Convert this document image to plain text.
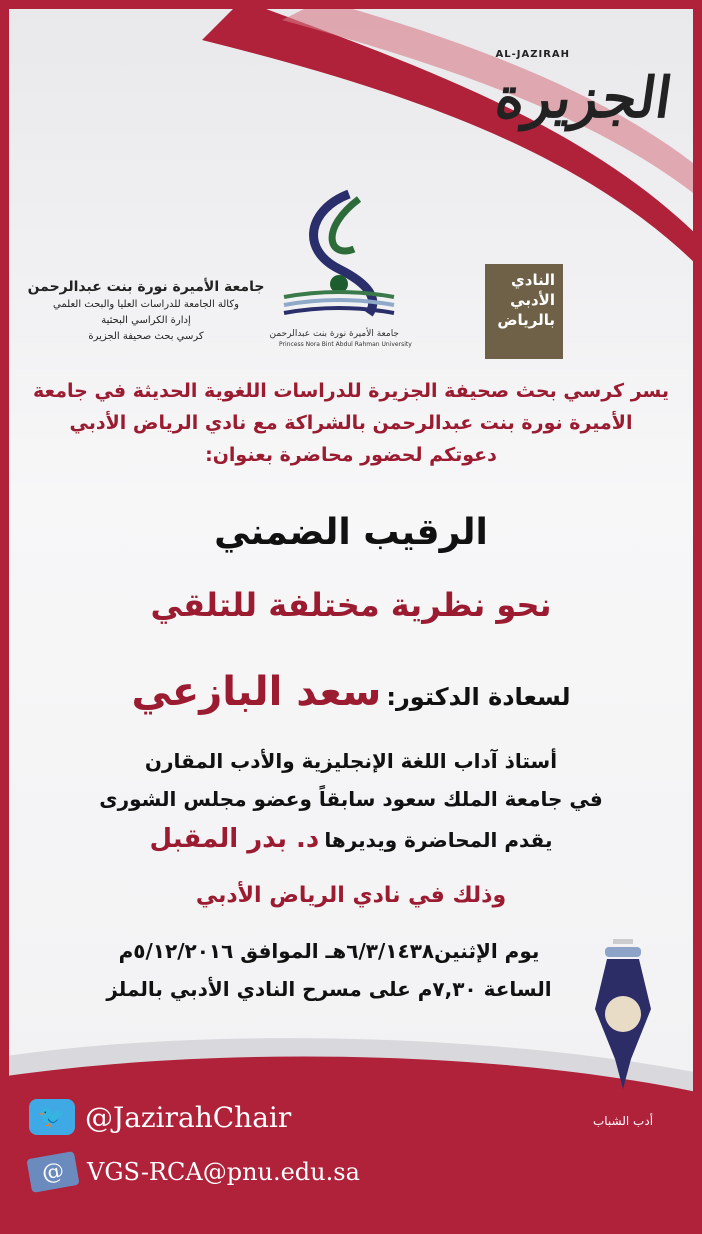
AL-JAZIRAH
الجزيرة
جامعة الأميرة نورة بنت عبدالرحمن
وكالة الجامعة للدراسات العليا والبحث العلمي
إدارة الكراسي البحثية
كرسي بحث صحيفة الجزيرة	جامعة الأميرة نورة بنت عبدالرحمن
Princess Nora Bint Abdul Rahman University
النادي
الأدبي
بالرياض
يسر كرسي بحث صحيفة الجزيرة للدراسات اللغوية الحديثة في جامعة
الأميرة نورة بنت عبدالرحمن بالشراكة مع نادي الرياض الأدبي
دعوتكم لحضور محاضرة بعنوان:
الرقيب الضمني
نحو نظرية مختلفة للتلقي
لسعادة الدكتور: سعد البازعي
أستاذ آداب اللغة الإنجليزية والأدب المقارن
في جامعة الملك سعود سابقاً وعضو مجلس الشورى
يقدم المحاضرة ويديرها د. بدر المقبل
وذلك في نادي الرياض الأدبي
يوم الإثنين٦/٣/١٤٣٨هـ الموافق ٥/١٢/٢٠١٦م
الساعة ٧,٣٠م على مسرح النادي الأدبي بالملز
أدب الشباب
🐦 @JazirahChair
@ VGS-RCA@pnu.edu.sa
